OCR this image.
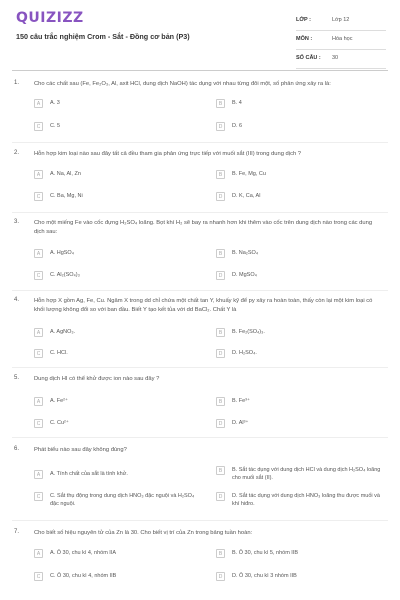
QUIZIZZ
150 câu trắc nghiệm Crom - Sắt - Đồng cơ bản (P3)
LỚP :	Lớp 12
MÔN :	Hóa học
SỐ CÂU : 30
1.	Cho các chất sau (Fe, Fe₂O₃, Al, axit HCl, dung dịch NaOH) tác dụng với nhau từng đôi một, số phản ứng xảy ra là:
A	A. 3	B	B. 4
C	C. 5	D	D. 6
2.	Hỗn hợp kim loại nào sau đây tất cả đều tham gia phản ứng trực tiếp với muối sắt (III) trong dung dịch ?
A	A. Na, Al, Zn	B	B. Fe, Mg, Cu
C	C. Ba, Mg, Ni	D	D. K, Ca, Al
3.	Cho một miếng Fe vào cốc đựng H₂SO₄ loãng. Bọt khí H₂ sẽ bay ra nhanh hơn khi thêm vào cốc trên dung dịch nào trong các dung dịch sau:
A	A. HgSO₄	B	B. Na₂SO₄
C	C. Al₂(SO₄)₃	D	D. MgSO₄
4.	Hỗn hợp X gồm Ag, Fe, Cu. Ngâm X trong dd chỉ chứa một chất tan Y, khuấy kỹ để py xảy ra hoàn toàn, thấy còn lại một kim loại có khối lượng không đổi so với ban đầu. Biết Y tạo kết tủa với dd BaCl₂. Chất Y là
A	A. AgNO₃.	B	B. Fe₂(SO₄)₃.
C	C. HCl.	D	D. H₂SO₄.
5.	Dung dịch HI có thể khử được ion nào sau đây ?
A	A. Fe²⁺	B	B. Fe³⁺
C	C. Cu²⁺	D	D. Al³⁺
6.	Phát biểu nào sau đây không đúng?
A	A. Tính chất của sắt là tính khử.	B	B. Sắt tác dụng với dung dịch HCl và dung dịch H₂SO₄ loãng cho muối sắt (II).
C	C. Sắt thụ động trong dung dịch HNO₃ đặc nguội và H₂SO₄ đặc nguội.
D	D. Sắt tác dụng với dung dịch HNO₃ loãng thu được muối và khí hiđro.
7.	Cho biết số hiệu nguyên tử của Zn là 30. Cho biết vị trí của Zn trong bảng tuần hoàn:
A	A. Ô 30, chu kì 4, nhóm IIA	B	B. Ô 30, chu kì 5, nhóm IIB
C	C. Ô 30, chu kì 4, nhóm IIB	D	D. Ô 30, chu kì 3 nhóm IIB
